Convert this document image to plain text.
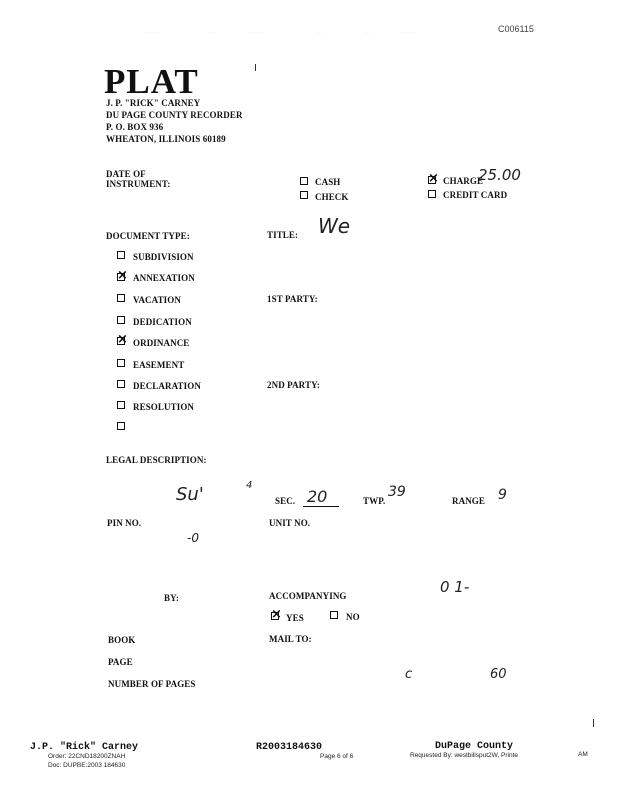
......................	.........	...............	..........	..........	....................	C006115
PLAT
J. P. "RICK" CARNEY
DU PAGE COUNTY RECORDER
P. O. BOX 936
WHEATON, ILLINOIS 60189
DATE OF
INSTRUMENT:	CASH
CHECK
×
CHARGE
25.00
CREDIT CARD
DOCUMENT TYPE:	TITLE: We
SUBDIVISION
×
ANNEXATION
VACATION
DEDICATION
×
ORDINANCE
EASEMENT
DECLARATION
RESOLUTION
1ST PARTY:
2ND PARTY:
LEGAL DESCRIPTION:
Su'	4
SEC. 20	TWP.
39
RANGE 9
PIN NO.
-0
UNIT NO.
BY:	ACCOMPANYING	0 1-
×
YES	NO
BOOK	MAIL TO:
PAGE
NUMBER OF PAGES
c	60
J.P. "Rick" Carney
Order: 22CND18200ZNAH
Doc: DUPBE:2003 184630
R2003184630
Page 6 of 6
DuPage County
Requested By: westbillsput2W, Printe	AM
